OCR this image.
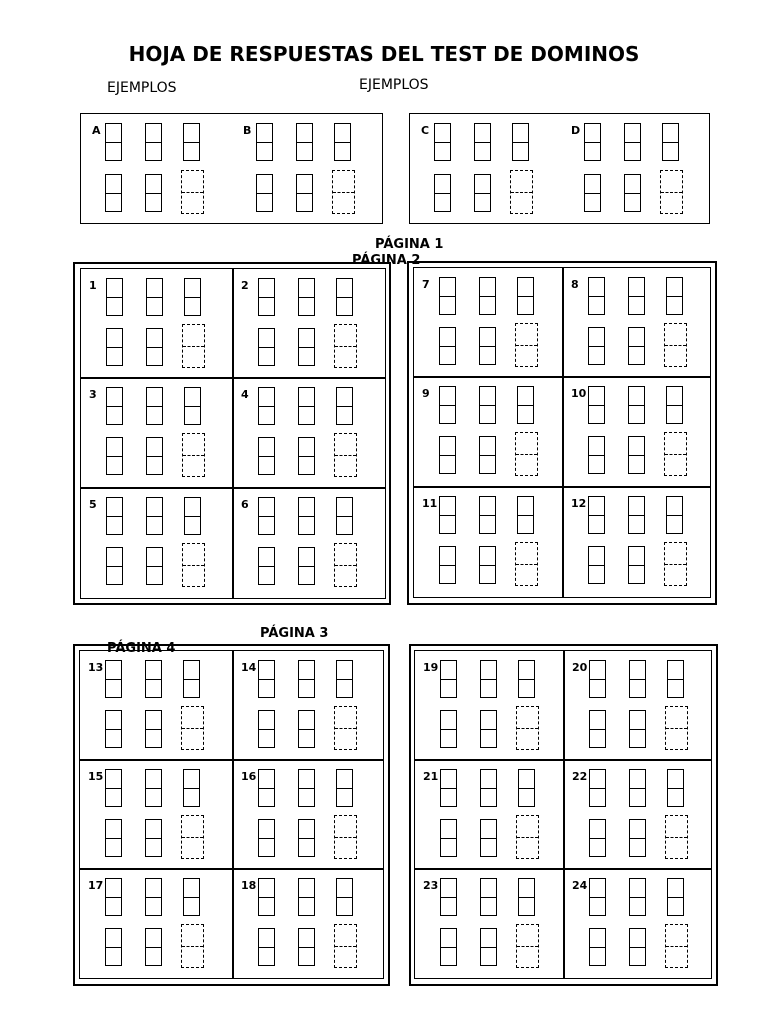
HOJA DE RESPUESTAS DEL TEST DE DOMINOS
EJEMPLOS	EJEMPLOS
PÁGINA 1
PÁGINA 2
PÁGINA 3
PÁGINA 4
A	B	C	D
1	2
3	4
5	6
7	8
9	10
11	12
13	14
15	16
17	18
19	20
21	22
23	24
